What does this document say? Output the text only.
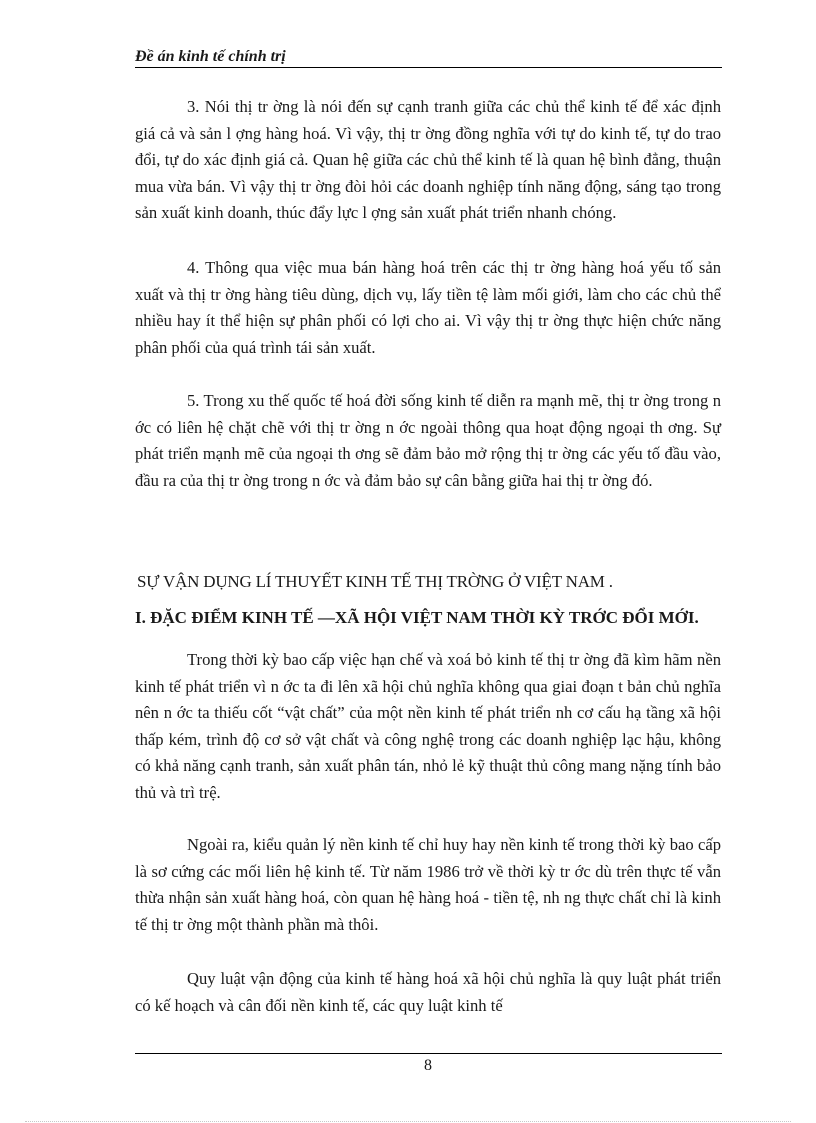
Đề án kinh tế chính trị

3. Nói thị tr ờng là nói đến sự cạnh tranh giữa các chủ thể kinh tế để xác định giá cả và sản l ợng hàng hoá. Vì vậy, thị tr ờng đồng nghĩa với tự do kinh tế, tự do trao đổi, tự do xác định giá cả. Quan hệ giữa các chủ thể kinh tế là quan hệ bình đẳng, thuận mua vừa bán. Vì vậy thị tr ờng đòi hỏi các doanh nghiệp tính năng động, sáng tạo trong sản xuất kinh doanh, thúc đẩy lực l ợng sản xuất phát triển nhanh chóng.

4. Thông qua việc mua bán hàng hoá trên các thị tr ờng hàng hoá yếu tố sản xuất và thị tr ờng hàng tiêu dùng, dịch vụ, lấy tiền tệ làm mối giới, làm cho các chủ thể nhiều hay ít thể hiện sự phân phối có lợi cho ai. Vì vậy thị tr ờng thực hiện chức năng phân phối của quá trình tái sản xuất.

5. Trong xu thế quốc tế hoá đời sống kinh tế diễn ra mạnh mẽ, thị tr ờng trong n ớc có liên hệ chặt chẽ với thị tr ờng n ớc ngoài thông qua hoạt động ngoại th ơng. Sự phát triển mạnh mẽ của ngoại th ơng sẽ đảm bảo mở rộng thị tr ờng các yếu tố đầu vào, đầu ra của thị tr ờng trong n ớc và đảm bảo sự cân bằng giữa hai thị tr ờng đó.

SỰ VẬN DỤNG LÍ THUYẾT KINH TẾ THỊ TRỜNG Ở VIỆT NAM .

I. ĐẶC ĐIỂM KINH TẾ —XÃ HỘI VIỆT NAM THỜI KỲ TRỚC ĐỔI MỚI.

Trong thời kỳ bao cấp việc hạn chế và xoá bỏ kinh tế thị tr ờng đã kìm hãm nền kinh tế phát triển vì n ớc ta đi lên xã hội chủ nghĩa không qua giai đoạn t bản chủ nghĩa nên n ớc ta thiếu cốt “vật chất” của một nền kinh tế phát triển nh cơ cấu hạ tầng xã hội thấp kém, trình độ cơ sở vật chất và công nghệ trong các doanh nghiệp lạc hậu, không có khả năng cạnh tranh, sản xuất phân tán, nhỏ lẻ kỹ thuật thủ công mang nặng tính bảo thủ và trì trệ.

Ngoài ra, kiểu quản lý nền kinh tế chỉ huy hay nền kinh tế trong thời kỳ bao cấp là sơ cứng các mối liên hệ kinh tế. Từ năm 1986 trở về thời kỳ tr ớc dù trên thực tế vẫn thừa nhận sản xuất hàng hoá, còn quan hệ hàng hoá - tiền tệ, nh ng thực chất chỉ là kinh tế thị tr ờng một thành phần mà thôi.

Quy luật vận động của kinh tế hàng hoá xã hội chủ nghĩa là quy luật phát triển có kế hoạch và cân đối nền kinh tế, các quy luật kinh tế

8
